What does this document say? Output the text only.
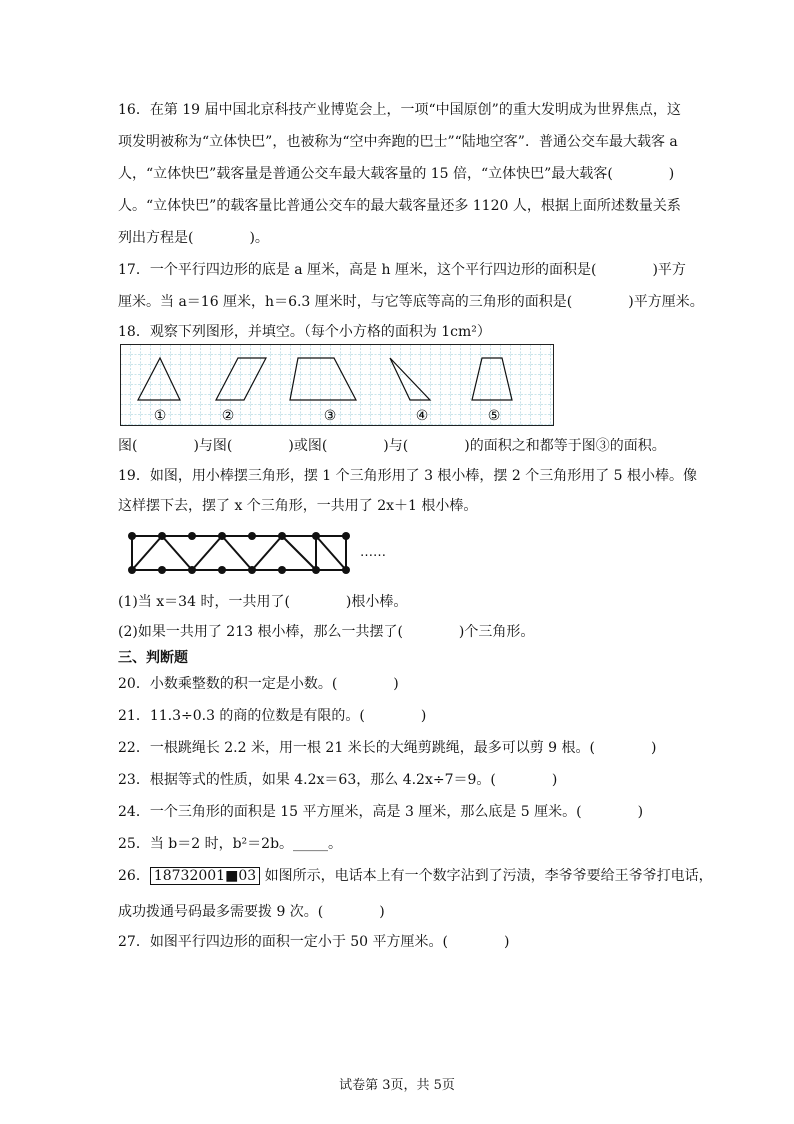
16．在第 19 届中国北京科技产业博览会上，一项“中国原创”的重大发明成为世界焦点，这
项发明被称为“立体快巴”，也被称为“空中奔跑的巴士”“陆地空客”．普通公交车最大载客 a
人，“立体快巴”载客量是普通公交车最大载客量的 15 倍，“立体快巴”最大载客(　　　　)
人。“立体快巴”的载客量比普通公交车的最大载客量还多 1120 人，根据上面所述数量关系
列出方程是(　　　　)。
17．一个平行四边形的底是 a 厘米，高是 h 厘米，这个平行四边形的面积是(　　　　)平方
厘米。当 a＝16 厘米，h＝6.3 厘米时，与它等底等高的三角形的面积是(　　　　)平方厘米。
18．观察下列图形，并填空。（每个小方格的面积为 1cm²）
①	②	③	④	⑤
图(　　　　)与图(　　　　)或图(　　　　)与(　　　　)的面积之和都等于图③的面积。
19．如图，用小棒摆三角形，摆 1 个三角形用了 3 根小棒，摆 2 个三角形用了 5 根小棒。像
这样摆下去，摆了 x 个三角形，一共用了 2x＋1 根小棒。
……
(1)当 x＝34 时，一共用了(　　　　)根小棒。
(2)如果一共用了 213 根小棒，那么一共摆了(　　　　)个三角形。
三、判断题
20．小数乘整数的积一定是小数。(　　　　)
21．11.3÷0.3 的商的位数是有限的。(　　　　)
22．一根跳绳长 2.2 米，用一根 21 米长的大绳剪跳绳，最多可以剪 9 根。(　　　　)
23．根据等式的性质，如果 4.2x＝63，那么 4.2x÷7＝9。(　　　　)
24．一个三角形的面积是 15 平方厘米，高是 3 厘米，那么底是 5 厘米。(　　　　)
25．当 b＝2 时，b²＝2b。_____。
26． 18732001■03 如图所示，电话本上有一个数字沾到了污渍，李爷爷要给王爷爷打电话，
成功拨通号码最多需要拨 9 次。(　　　　)
27．如图平行四边形的面积一定小于 50 平方厘米。(　　　　)
试卷第 3页，共 5页
